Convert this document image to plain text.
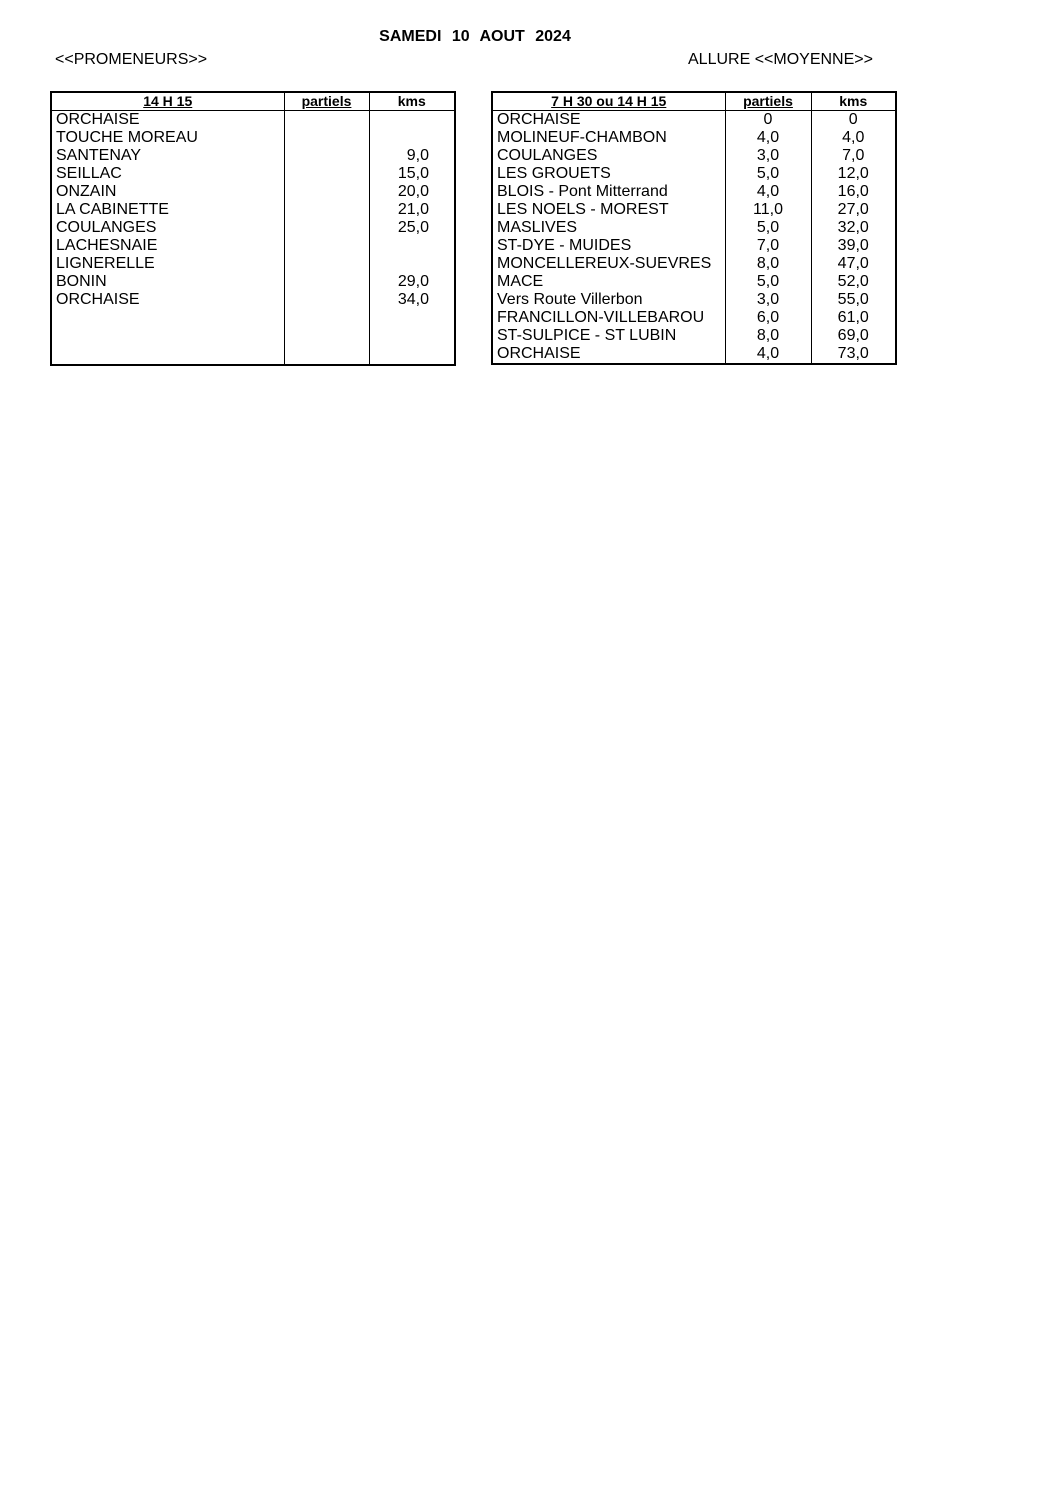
SAMEDI 10 AOUT 2024
<<PROMENEURS>>	ALLURE <<MOYENNE>>
14 H 15	partiels	kms
ORCHAISE		
TOUCHE MOREAU		
SANTENAY		9,0
SEILLAC		15,0
ONZAIN		20,0
LA CABINETTE		21,0
COULANGES		25,0
LACHESNAIE		
LIGNERELLE		
BONIN		29,0
ORCHAISE		34,0

7 H 30 ou 14 H 15	partiels	kms
ORCHAISE	0	0
MOLINEUF-CHAMBON	4,0	4,0
COULANGES	3,0	7,0
LES GROUETS	5,0	12,0
BLOIS - Pont Mitterrand	4,0	16,0
LES NOELS - MOREST	11,0	27,0
MASLIVES	5,0	32,0
ST-DYE - MUIDES	7,0	39,0
MONCELLEREUX-SUEVRES	8,0	47,0
MACE	5,0	52,0
Vers Route Villerbon	3,0	55,0
FRANCILLON-VILLEBAROU	6,0	61,0
ST-SULPICE - ST LUBIN	8,0	69,0
ORCHAISE	4,0	73,0
